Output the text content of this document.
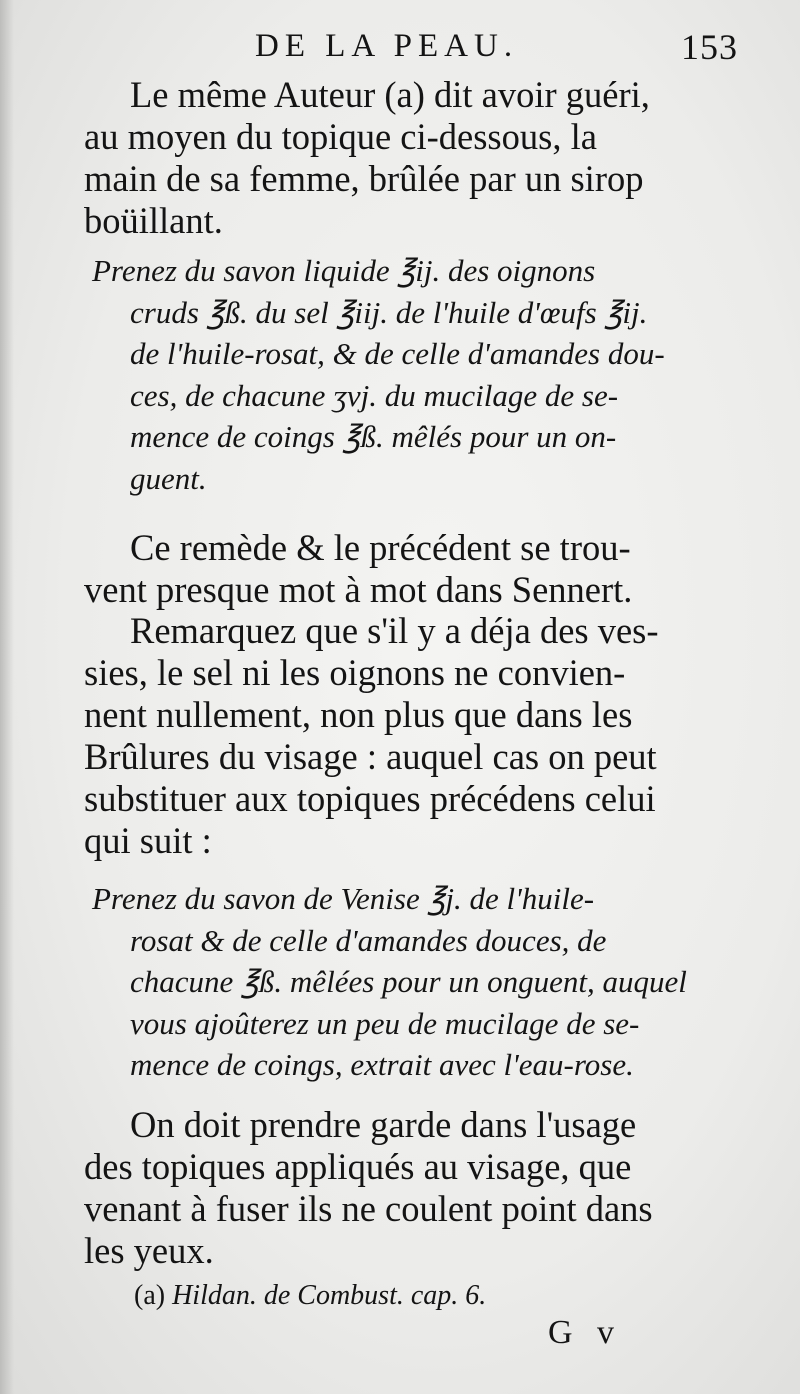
DE LA PEAU.	153

Le même Auteur (a) dit avoir guéri,
au moyen du topique ci-dessous, la
main de sa femme, brûlée par un sirop
boüillant.

Prenez du savon liquide ℥ij. des oignons
cruds ℥ß. du sel ℥iij. de l'huile d'œufs ℥ij.
de l'huile-rosat, & de celle d'amandes dou-
ces, de chacune ʒvj. du mucilage de se-
mence de coings ℥ß. mêlés pour un on-
guent.

Ce remède & le précédent se trou-
vent presque mot à mot dans Sennert.

Remarquez que s'il y a déja des ves-
sies, le sel ni les oignons ne convien-
nent nullement, non plus que dans les
Brûlures du visage : auquel cas on peut
substituer aux topiques précédens celui
qui suit :

Prenez du savon de Venise ℥j. de l'huile-
rosat & de celle d'amandes douces, de
chacune ℥ß. mêlées pour un onguent, auquel
vous ajoûterez un peu de mucilage de se-
mence de coings, extrait avec l'eau-rose.

On doit prendre garde dans l'usage
des topiques appliqués au visage, que
venant à fuser ils ne coulent point dans
les yeux.

(a) Hildan. de Combust. cap. 6.
G v
